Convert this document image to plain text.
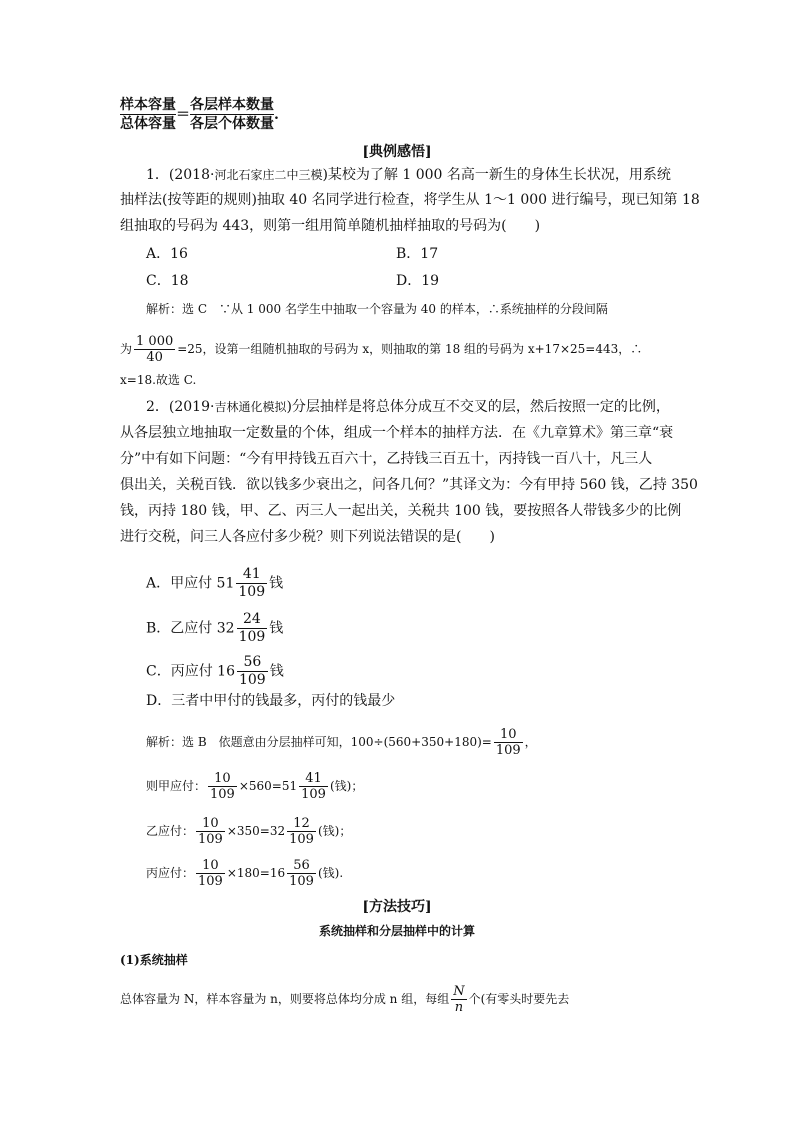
样本容量
总体容量
＝
各层样本数量
各层个体数量
.
[典例感悟]
1．(2018·河北石家庄二中三模)某校为了解 1 000 名高一新生的身体生长状况，用系统
抽样法(按等距的规则)抽取 40 名同学进行检查，将学生从 1～1 000 进行编号，现已知第 18
组抽取的号码为 443，则第一组用简单随机抽样抽取的号码为(　　)
A．16	B．17
C．18	D．19
解析：选 C　∵从 1 000 名学生中抽取一个容量为 40 的样本，∴系统抽样的分段间隔
为 $\frac{1 000}{40} =25$，设第一组随机抽取的号码为 x，则抽取的第 18 组的号码为 x+17×25=443，∴
x=18.故选 C.
2．(2019·吉林通化模拟)分层抽样是将总体分成互不交叉的层，然后按照一定的比例，
从各层独立地抽取一定数量的个体，组成一个样本的抽样方法．在《九章算术》第三章“衰
分”中有如下问题：“今有甲持钱五百六十，乙持钱三百五十，丙持钱一百八十，凡三人
俱出关，关税百钱．欲以钱多少衰出之，问各几何？”其译文为：今有甲持 560 钱，乙持 350
钱，丙持 180 钱，甲、乙、丙三人一起出关，关税共 100 钱，要按照各人带钱多少的比例
进行交税，问三人各应付多少税？则下列说法错误的是(　　)
A．甲应付 $51 \frac{41}{109}$ 钱
B．乙应付 $32 \frac{24}{109}$ 钱
C．丙应付 $16 \frac{56}{109}$ 钱
D．三者中甲付的钱最多，丙付的钱最少
解析：选 B　依题意由分层抽样可知，$100\div(560+350+180)= \frac{10}{109}$ ，
则甲应付： $\frac{10}{109} \times 560=51 \frac{41}{109}$ (钱)；
乙应付： $\frac{10}{109} \times 350=32 \frac{12}{109}$ (钱)；
丙应付： $\frac{10}{109} \times 180=16 \frac{56}{109}$ (钱).
[方法技巧]
系统抽样和分层抽样中的计算
(1)系统抽样
总体容量为 N，样本容量为 n，则要将总体均分成 n 组，每组 $\frac{N}{n}$ 个(有零头时要先去
